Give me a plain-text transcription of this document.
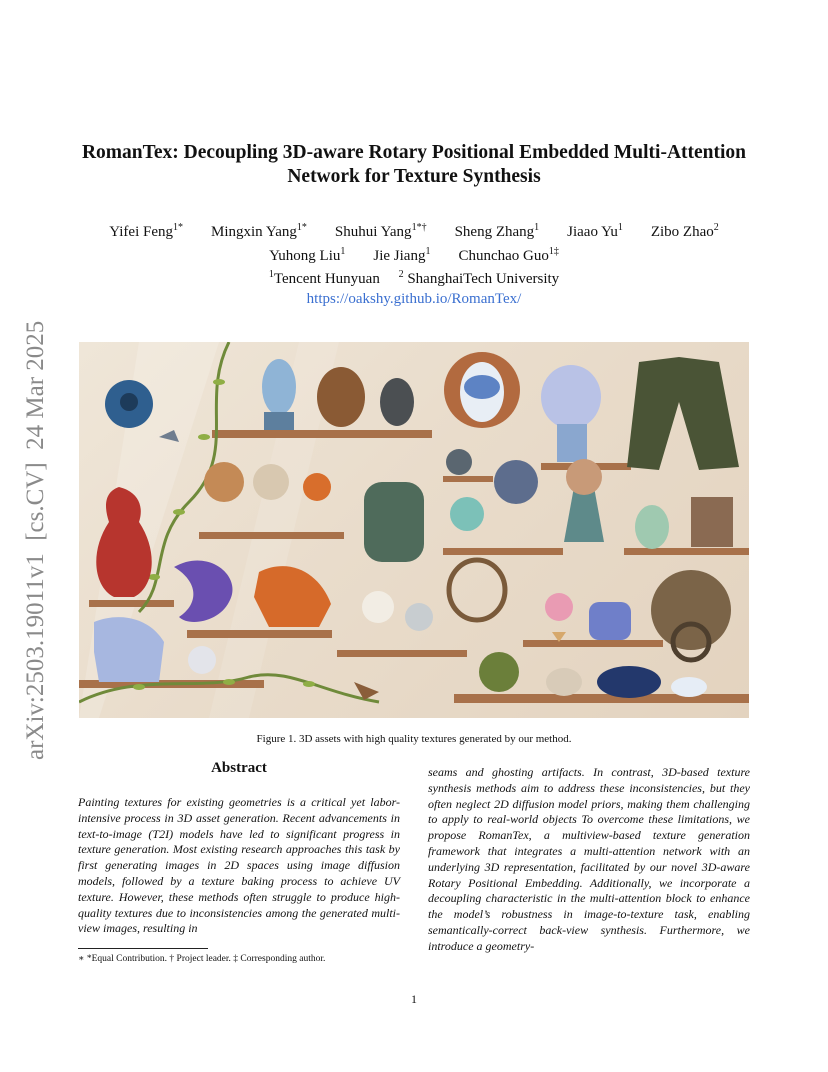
arXiv:2503.19011v1  [cs.CV]  24 Mar 2025
RomanTex: Decoupling 3D-aware Rotary Positional Embedded Multi-Attention
Network for Texture Synthesis
Yifei Feng$^{1*}$ Mingxin Yang$^{1*}$ Shuhui Yang$^{1*\dagger}$ Sheng Zhang$^1$ Jiaao Yu$^1$ Zibo Zhao$^2$
Yuhong Liu$^1$ Jie Jiang$^1$ Chunchao Guo$^{1\ddagger}$
$^1$Tencent Hunyuan $^2$ ShanghaiTech University
https://oakshy.github.io/RomanTex/
Figure 1. 3D assets with high quality textures generated by our method.
Abstract
Painting textures for existing geometries is a critical yet labor-intensive process in 3D asset generation. Recent advancements in text-to-image (T2I) models have led to significant progress in texture generation. Most existing research approaches this task by first generating images in 2D spaces using image diffusion models, followed by a texture baking process to achieve UV texture. However, these methods often struggle to produce high-quality textures due to inconsistencies among the generated multi-view images, resulting in
seams and ghosting artifacts. In contrast, 3D-based texture synthesis methods aim to address these inconsistencies, but they often neglect 2D diffusion model priors, making them challenging to apply to real-world objects To overcome these limitations, we propose RomanTex, a multiview-based texture generation framework that integrates a multi-attention network with an underlying 3D representation, facilitated by our novel 3D-aware Rotary Positional Embedding. Additionally, we incorporate a decoupling characteristic in the multi-attention block to enhance the model’s robustness in image-to-texture task, enabling semantically-correct back-view synthesis. Furthermore, we introduce a geometry-
∗ *Equal Contribution. † Project leader. ‡ Corresponding author.
1
